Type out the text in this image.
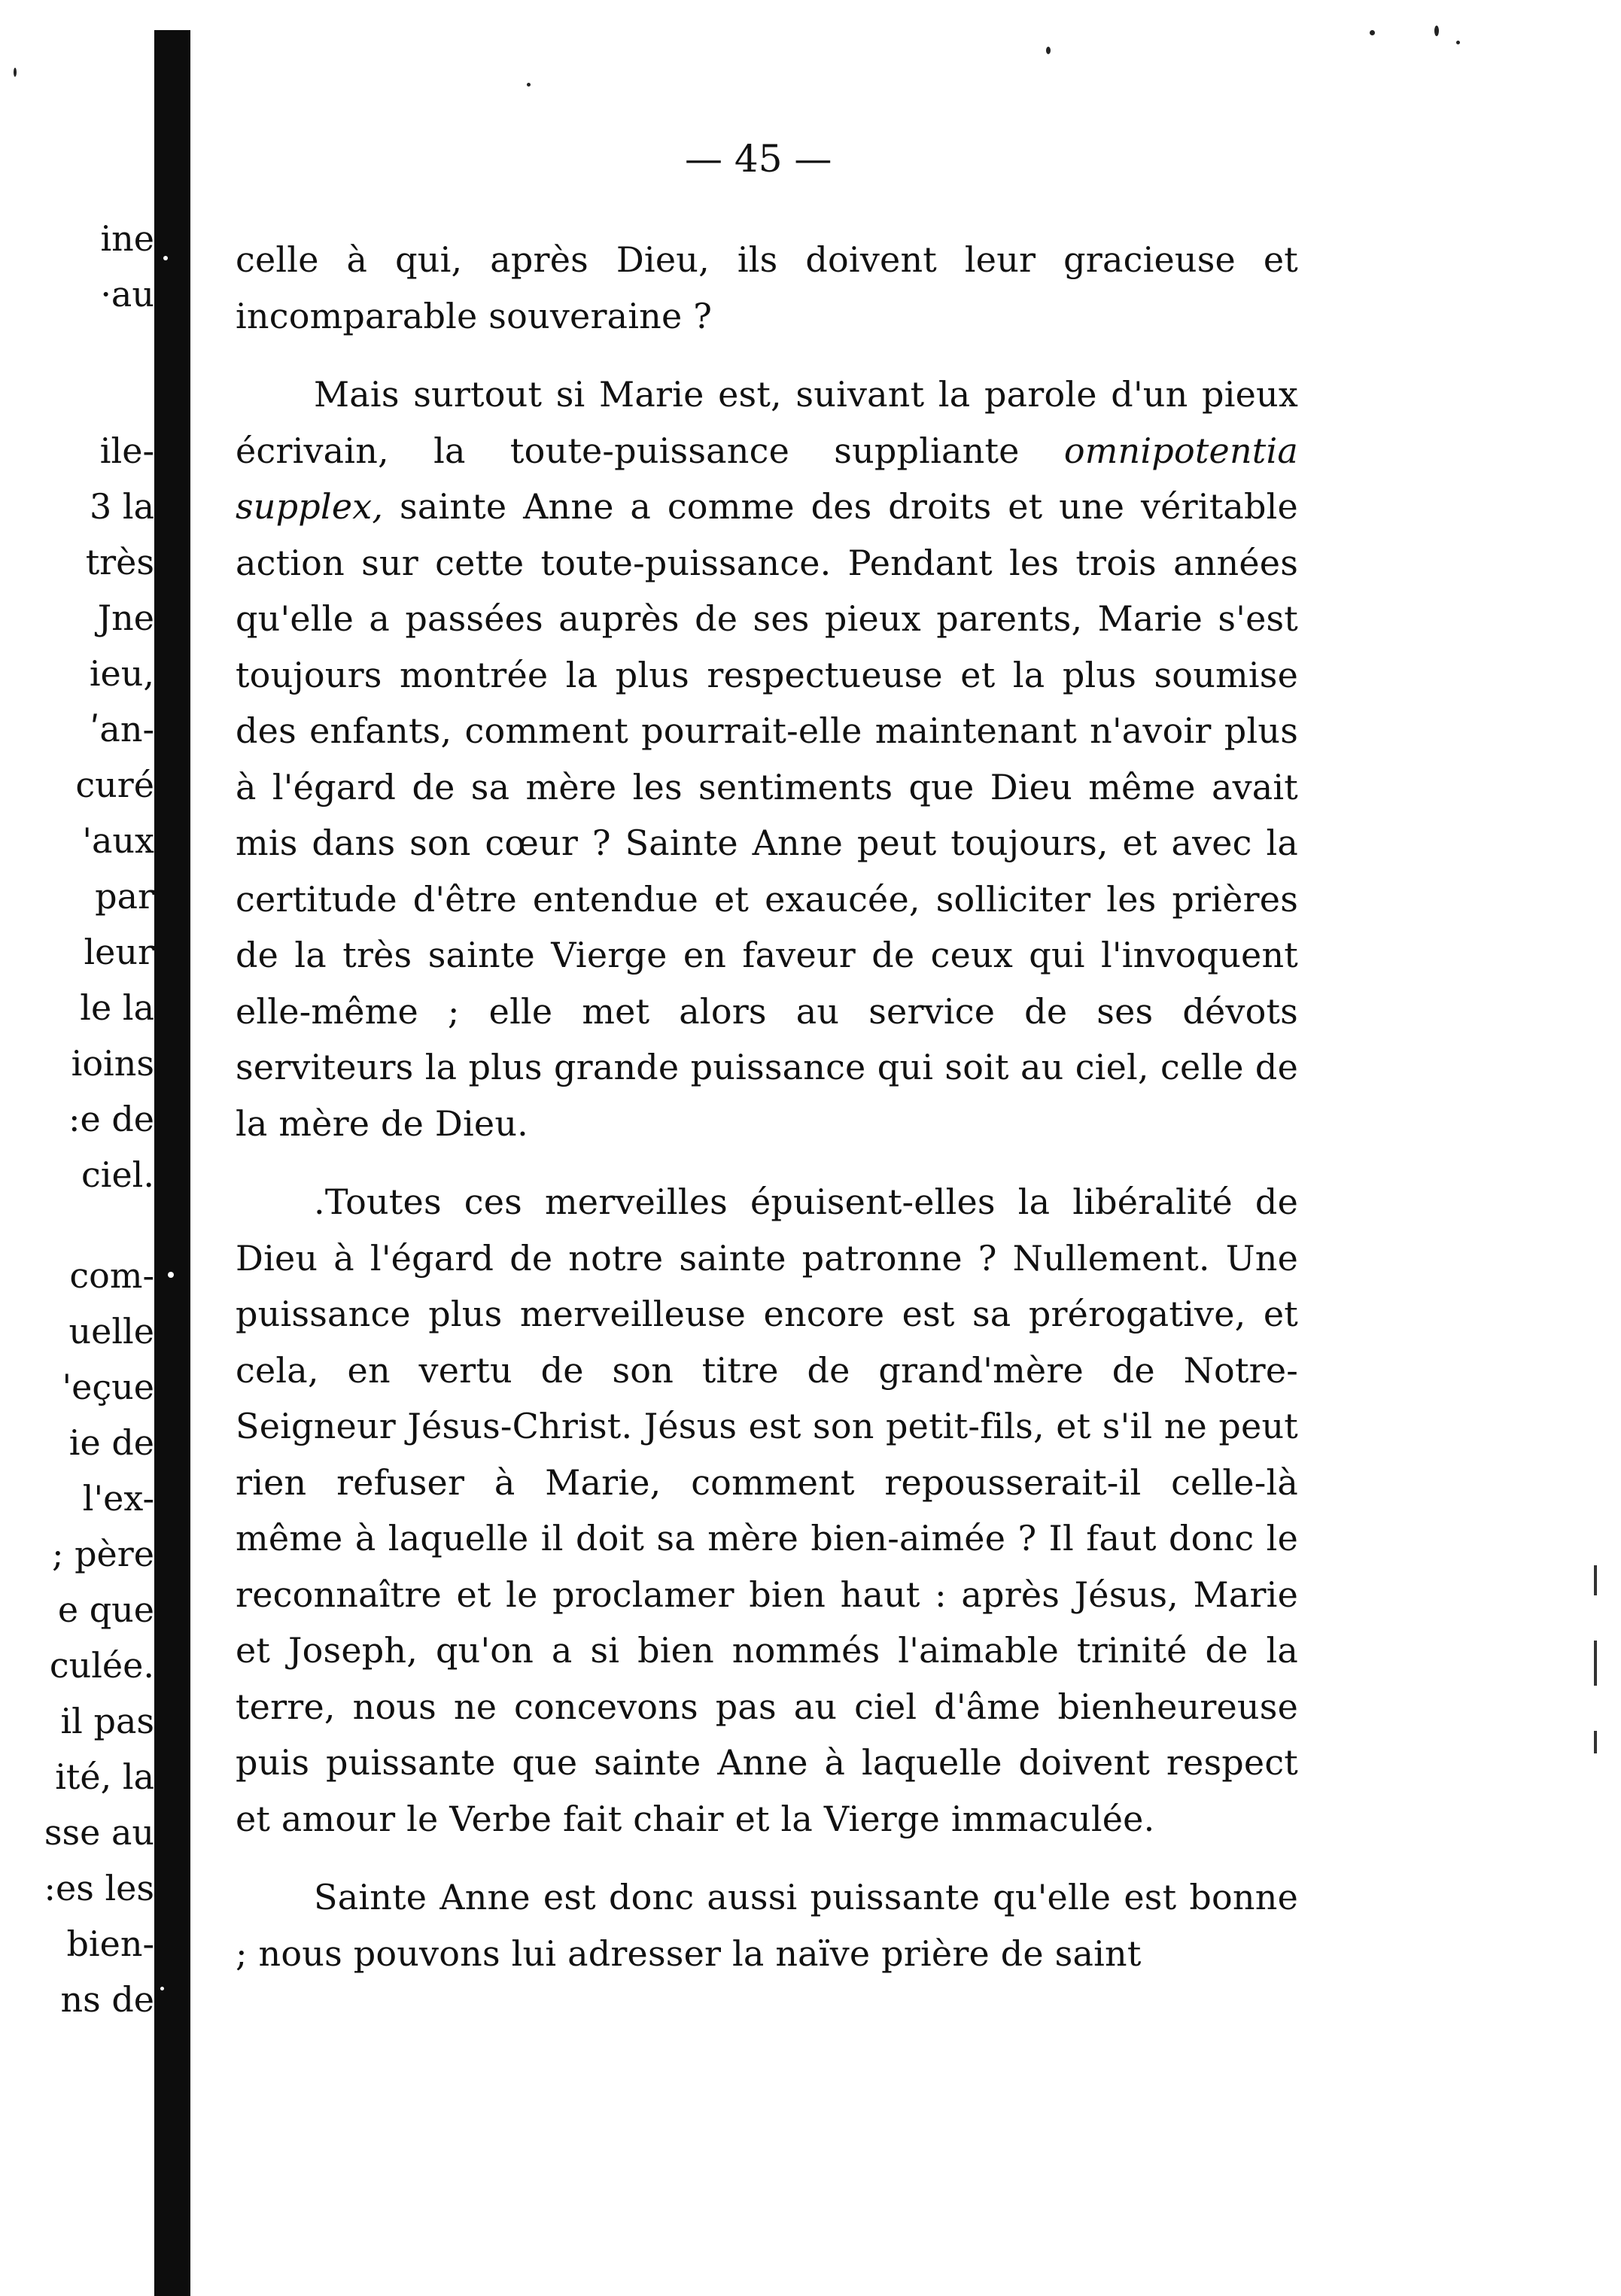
ine
·au
ile-
3 la
très
Jne
ieu,
ʹan-
curé
'aux
par
leur
le la
ioins
:e de
ciel.
com-
uelle
'eçue
ie de
l'ex-
; père
e que
culée.
il pas
ité, la
sse au
:es les
bien-
ns de
— 45 —

celle à qui, après Dieu, ils doivent leur gracieuse et incomparable souveraine ?

Mais surtout si Marie est, suivant la parole d'un pieux écrivain, la toute-puissance suppliante omnipotentia supplex, sainte Anne a comme des droits et une véritable action sur cette toute-puissance. Pendant les trois années qu'elle a passées auprès de ses pieux parents, Marie s'est toujours montrée la plus respectueuse et la plus soumise des enfants, comment pourrait-elle maintenant n'avoir plus à l'égard de sa mère les sentiments que Dieu même avait mis dans son cœur ? Sainte Anne peut toujours, et avec la certitude d'être entendue et exaucée, solliciter les prières de la très sainte Vierge en faveur de ceux qui l'invoquent elle-même ; elle met alors au service de ses dévots serviteurs la plus grande puissance qui soit au ciel, celle de la mère de Dieu.

.Toutes ces merveilles épuisent-elles la libéralité de Dieu à l'égard de notre sainte patronne ? Nullement. Une puissance plus merveilleuse encore est sa prérogative, et cela, en vertu de son titre de grand'mère de Notre-Seigneur Jésus-Christ. Jésus est son petit-fils, et s'il ne peut rien refuser à Marie, comment repousserait-il celle-là même à laquelle il doit sa mère bien-aimée ? Il faut donc le reconnaître et le proclamer bien haut : après Jésus, Marie et Joseph, qu'on a si bien nommés l'aimable trinité de la terre, nous ne concevons pas au ciel d'âme bienheureuse puis puissante que sainte Anne à laquelle doivent respect et amour le Verbe fait chair et la Vierge immaculée.

Sainte Anne est donc aussi puissante qu'elle est bonne ; nous pouvons lui adresser la naïve prière de saint
